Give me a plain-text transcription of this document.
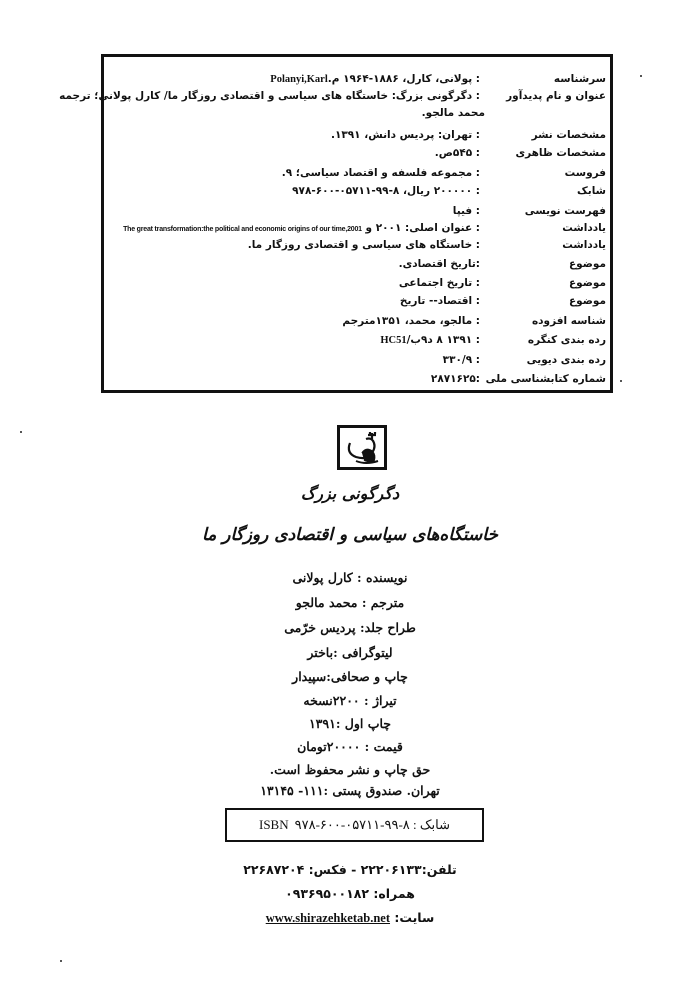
سرشناسه
: پولانی، کارل، ۱۸۸۶-۱۹۶۴ م.Polanyi,Karl
عنوان و نام پدیدآور
: دگرگونی بزرگ: خاستگاه های سیاسی و اقتصادی روزگار ما/ کارل پولانی؛ ترجمه
محمد مالجو.
مشخصات نشر
: تهران: پردیس دانش، ۱۳۹۱.
مشخصات ظاهری
: ۵۴۵ص.
فروست
: مجموعه فلسفه و اقتصاد سیاسی؛ ۹.
شابک
: ۲۰۰۰۰۰ ریال، ۸-۹۹-۰۵۷۱۱-۶۰۰-۹۷۸
فهرست نویسی
: فیپا
یادداشت
: عنوان اصلی: ۲۰۰۱ و The great transformation:the political and economic origins of our time,2001
یادداشت
: خاستگاه های سیاسی و اقتصادی روزگار ما.
موضوع
:تاریخ اقتصادی.
موضوع
: تاریخ اجتماعی
موضوع
: اقتصاد-- تاریخ
شناسه افزوده
: مالجو، محمد، ۱۳۵۱مترجم
رده بندی کنگره
: ۱۳۹۱ ۸ د۹ب/HC51
رده بندی دیویی
: ۳۳۰/۹
شماره کتابشناسی ملی
:۲۸۷۱۶۲۵
دگرگونی بزرگ
خاستگاه‌های سیاسی و اقتصادی روزگار ما
نویسنده : کارل پولانی
مترجم : محمد مالجو
طراح جلد: پردیس خرّمی
لیتوگرافی :باختر
چاپ و صحافی:سپیدار
تیراژ : ۲۲۰۰نسخه
چاپ اول :۱۳۹۱
قیمت : ۲۰۰۰۰تومان
حق چاپ و نشر محفوظ است.
تهران. صندوق پستی :۱۱۱- ۱۳۱۴۵
شابک : ۸-۹۹-۰۵۷۱۱-۶۰۰-۹۷۸
ISBN
تلفن:۲۲۲۰۶۱۳۳ - فکس: ۲۲۶۸۷۲۰۴
همراه: ۰۹۳۶۹۵۰۰۱۸۲
سایت: www.shirazehketab.net
